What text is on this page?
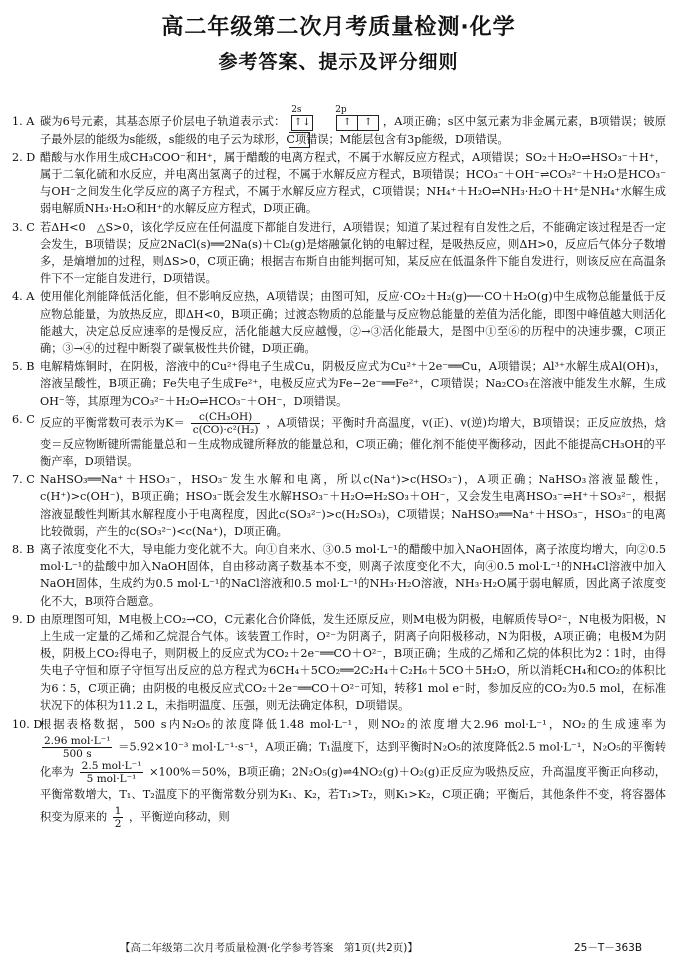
高二年级第二次月考质量检测·化学
参考答案、提示及评分细则
1. A 碳为6号元素，其基态原子价层电子轨道表示式：
2s	2p
↑↓	↑ ↑ ，A项正确；s区中氢元素为非金属元素，B项错误；铍原子最外层的能级为s能级，s能级的电子云为球形，C项错误；M能层包含有3p能级，D项错误。
2. D 醋酸与水作用生成CH₃COO⁻和H⁺，属于醋酸的电离方程式，不属于水解反应方程式，A项错误；SO₂＋H₂O⇌HSO₃⁻＋H⁺，属于二氧化硫和水反应，并电离出氢离子的过程，不属于水解反应方程式，B项错误；HCO₃⁻＋OH⁻⇌CO₃²⁻＋H₂O是HCO₃⁻与OH⁻之间发生化学反应的离子方程式，不属于水解反应方程式，C项错误；NH₄⁺＋H₂O⇌NH₃·H₂O＋H⁺是NH₄⁺水解生成弱电解质NH₃·H₂O和H⁺的水解反应方程式，D项正确。
3. C 若ΔH<0　△S>0，该化学反应在任何温度下都能自发进行，A项错误；知道了某过程有自发性之后，不能确定该过程是否一定会发生，B项错误；反应2NaCl(s)══2Na(s)＋Cl₂(g)是熔融氯化钠的电解过程，是吸热反应，则ΔH>0，反应后气体分子数增多，是熵增加的过程，则ΔS>0，C项正确；根据吉布斯自由能判据可知，某反应在低温条件下能自发进行，则该反应在高温条件下不一定能自发进行，D项错误。
4. A 使用催化剂能降低活化能，但不影响反应热，A项错误；由图可知，反应·CO₂＋H₂(g)──·CO＋H₂O(g)中生成物总能量低于反应物总能量，为放热反应，即ΔH<0，B项正确；过渡态物质的总能量与反应物总能量的差值为活化能，即图中峰值越大则活化能越大，决定总反应速率的是慢反应，活化能越大反应越慢，②→③活化能最大，是图中①至⑥的历程中的决速步骤，C项正确；③→④的过程中断裂了碳氧极性共价键，D项正确。
5. B 电解精炼铜时，在阴极，溶液中的Cu²⁺得电子生成Cu，阴极反应式为Cu²⁺＋2e⁻══Cu，A项错误；Al³⁺水解生成Al(OH)₃，溶液呈酸性，B项正确；Fe失电子生成Fe²⁺，电极反应式为Fe−2e⁻══Fe²⁺，C项错误；Na₂CO₃在溶液中能发生水解，生成OH⁻等，其原理为CO₃²⁻＋H₂O⇌HCO₃⁻＋OH⁻，D项错误。
6. C 反应的平衡常数可表示为$K= \frac{\text{c(CH₃OH)}}{\text{c(CO)·c²(H₂)}}$ ，A项错误；平衡时升高温度，v(正)、v(逆)均增大，B项错误；正反应放热，焓变＝反应物断键所需能量总和－生成物成键所释放的能量总和，C项正确；催化剂不能使平衡移动，因此不能提高CH₃OH的平衡产率，D项错误。
7. C NaHSO₃══Na⁺＋HSO₃⁻，HSO₃⁻发生水解和电离，所以c(Na⁺)>c(HSO₃⁻)，A项正确；NaHSO₃溶液显酸性，c(H⁺)>c(OH⁻)，B项正确；HSO₃⁻既会发生水解HSO₃⁻＋H₂O⇌H₂SO₃＋OH⁻，又会发生电离HSO₃⁻⇌H⁺＋SO₃²⁻，根据溶液显酸性判断其水解程度小于电离程度，因此c(SO₃²⁻)>c(H₂SO₃)，C项错误；NaHSO₃══Na⁺＋HSO₃⁻，HSO₃⁻的电离比较微弱，产生的c(SO₃²⁻)<c(Na⁺)，D项正确。
8. B 离子浓度变化不大，导电能力变化就不大。向①自来水、③0.5 mol·L⁻¹的醋酸中加入NaOH固体，离子浓度均增大，向②0.5 mol·L⁻¹的盐酸中加入NaOH固体，自由移动离子数基本不变，则离子浓度变化不大，向④0.5 mol·L⁻¹的NH₄Cl溶液中加入NaOH固体，生成约为0.5 mol·L⁻¹的NaCl溶液和0.5 mol·L⁻¹的NH₃·H₂O溶液，NH₃·H₂O属于弱电解质，因此离子浓度变化不大，B项符合题意。
9. D 由原理图可知，M电极上CO₂→CO，C元素化合价降低，发生还原反应，则M电极为阴极，电解质传导O²⁻，N电极为阳极，N上生成一定量的乙烯和乙烷混合气体。该装置工作时，O²⁻为阴离子，阴离子向阳极移动，N为阳极，A项正确；电极M为阴极，阴极上CO₂得电子，则阴极上的反应式为CO₂＋2e⁻══CO＋O²⁻，B项正确；生成的乙烯和乙烷的体积比为2∶1时，由得失电子守恒和原子守恒写出反应的总方程式为6CH₄＋5CO₂══2C₂H₄＋C₂H₆＋5CO＋5H₂O，所以消耗CH₄和CO₂的体积比为6∶5，C项正确；由阴极的电极反应式CO₂＋2e⁻══CO＋O²⁻可知，转移1 mol e⁻时，参加反应的CO₂为0.5 mol，在标准状况下的体积为11.2 L，未指明温度、压强，则无法确定体积，D项错误。
10. D
根据表格数据，500 s内N₂O₅的浓度降低1.48 mol·L⁻¹，则NO₂的浓度增大2.96 mol·L⁻¹，NO₂的生成速率为
$\frac{\text{2.96 mol·L⁻¹}}{500 s} =5.92\times 10^{-3}$ mol·L⁻¹·s⁻¹，A项正确；T₁温度下，达到平衡时N₂O₅的浓度降低2.5 mol·L⁻¹，N₂O₅的平衡转化率为 $\frac{\text{2.5 mol·L⁻¹}}{\text{5 mol·L⁻¹}} \times 100\%=50\%$，B项正确；2N₂O₅(g)⇌4NO₂(g)＋O₂(g)正反应为吸热反应，升高温度平衡正向移动，平衡常数增大，T₁、T₂温度下的平衡常数分别为K₁、K₂，若T₁>T₂，则K₁>K₂，C项正确；平衡后，其他条件不变，将容器体积变为原来的 $\frac{1}{2}$ ，平衡逆向移动，则
【高二年级第二次月考质量检测·化学参考答案　第1页(共2页)】	25－T－363B
